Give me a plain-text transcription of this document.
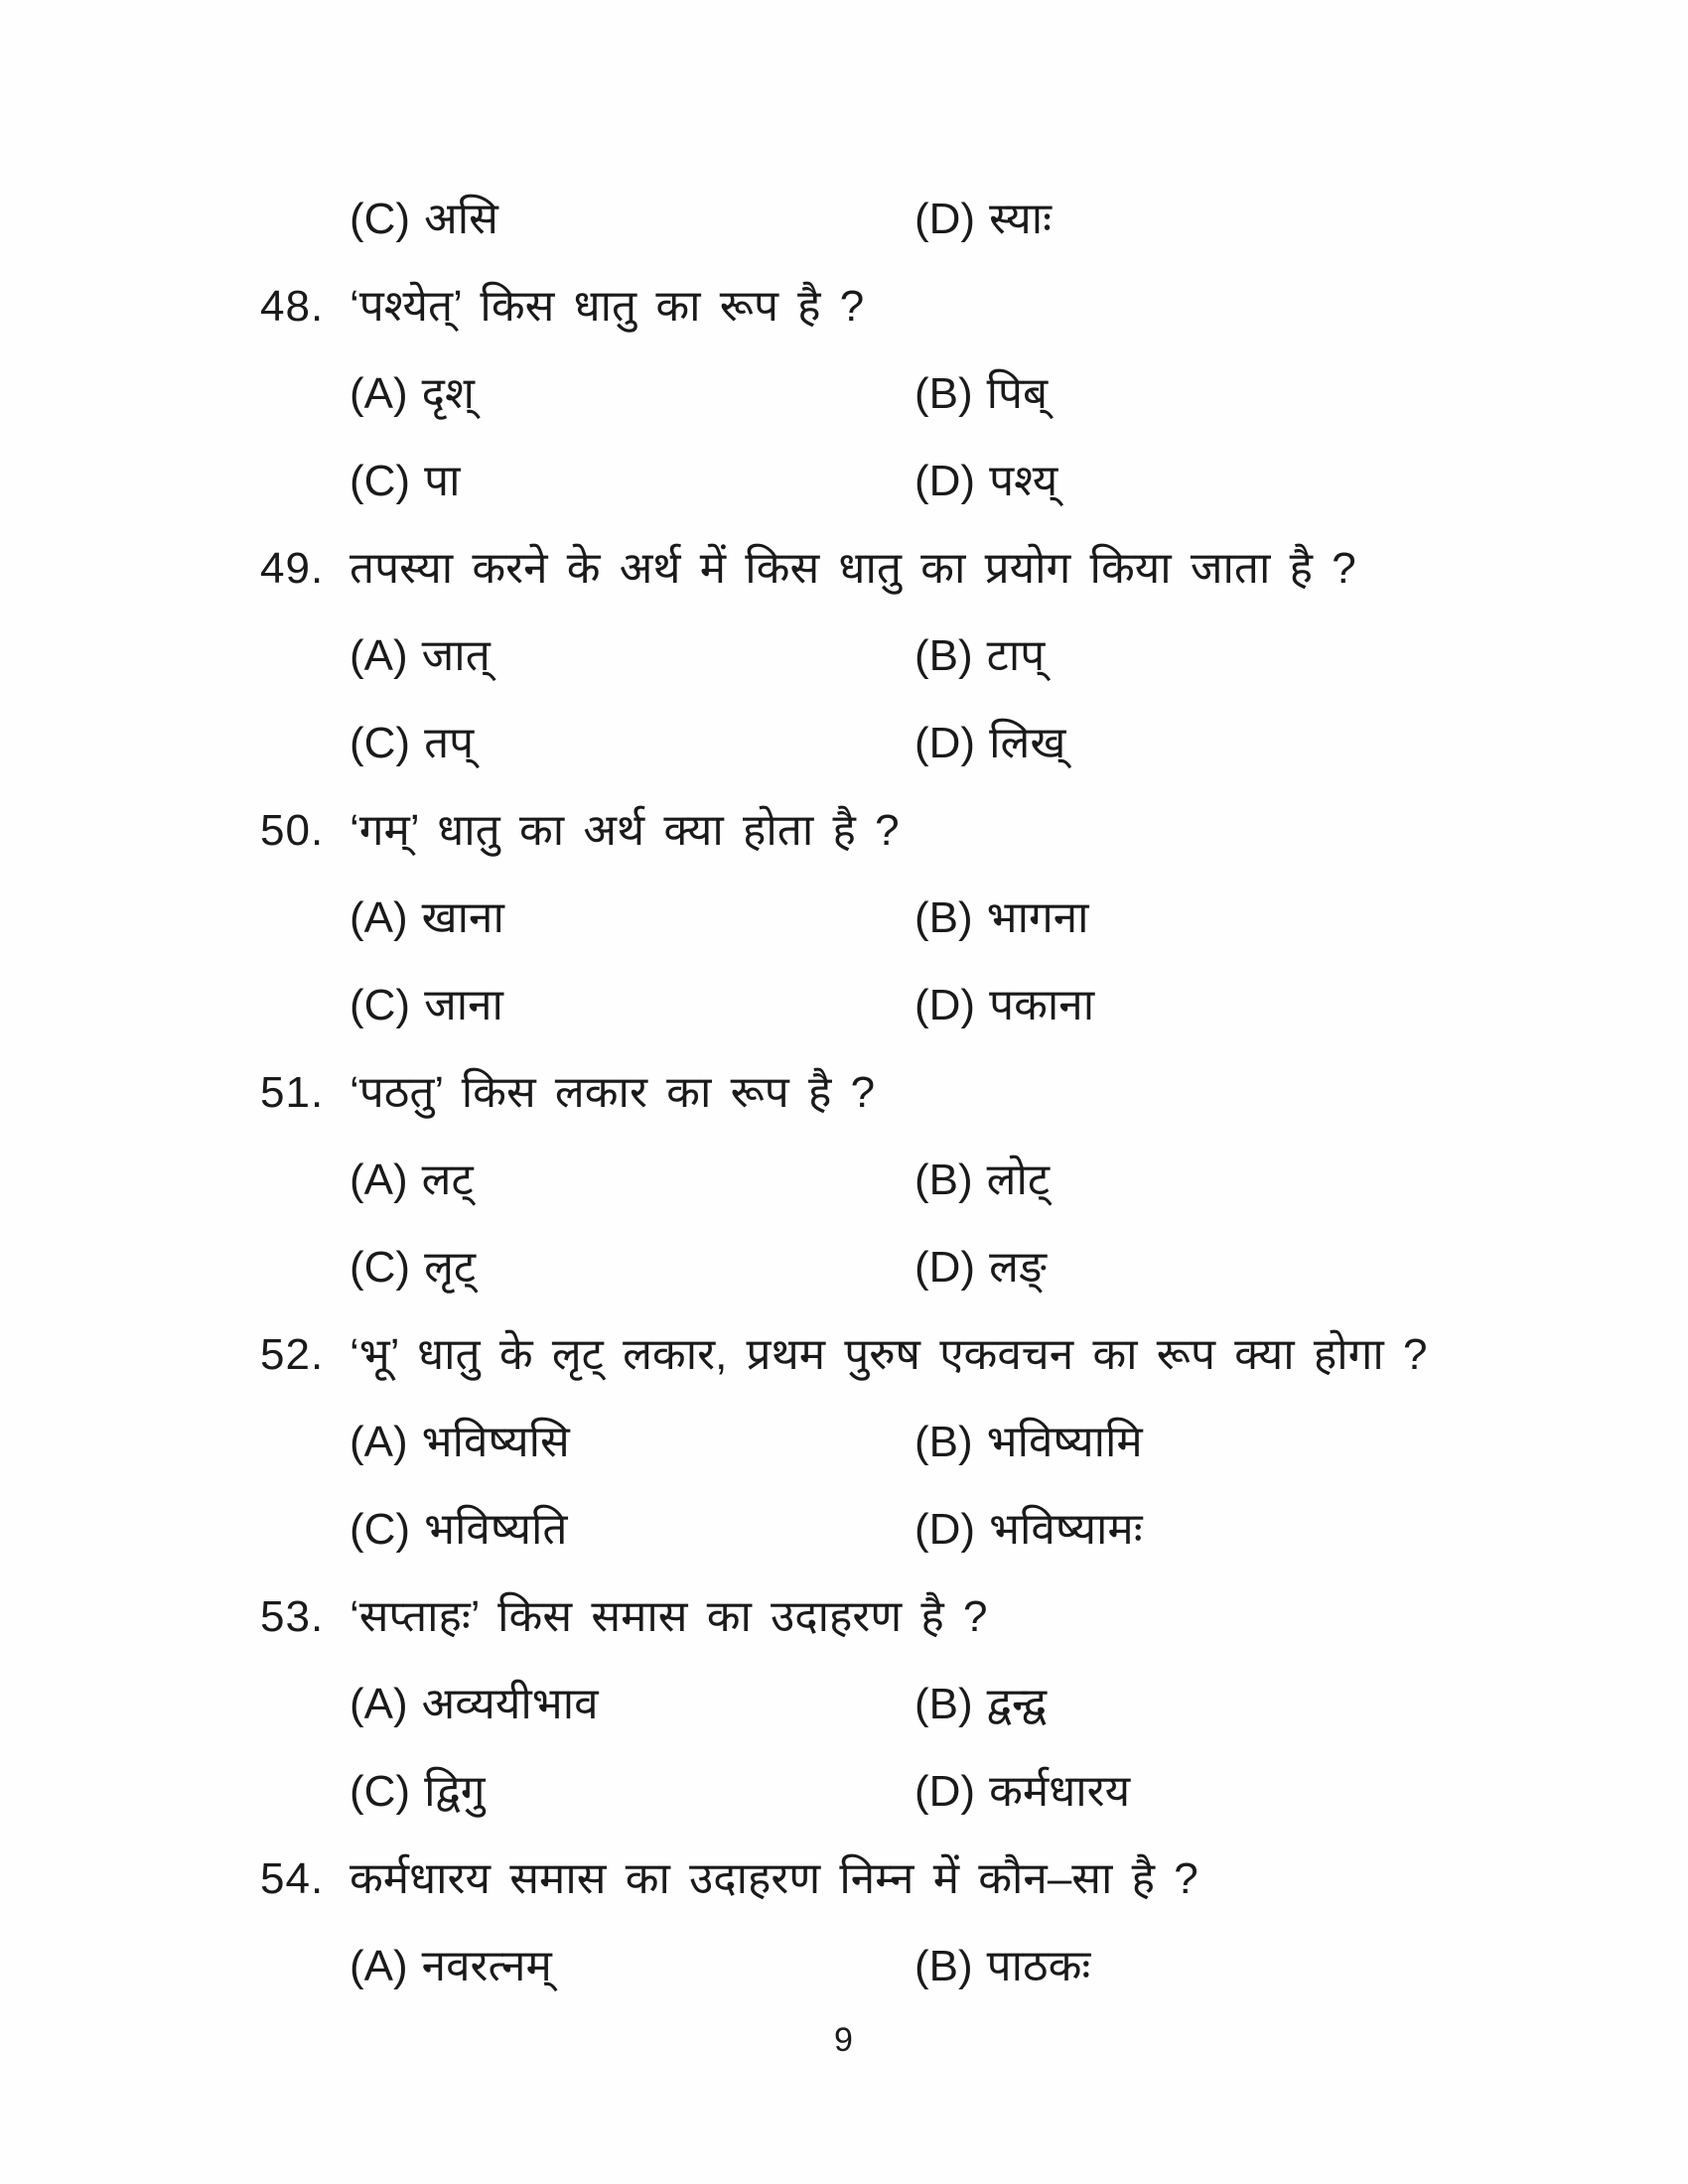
(C) असि	(D) स्याः
48. ‘पश्येत्’ किस धातु का रूप है ?
(A) दृश्	(B) पिब्
(C) पा	(D) पश्य्
49. तपस्या करने के अर्थ में किस धातु का प्रयोग किया जाता है ?
(A) जात्	(B) टाप्
(C) तप्	(D) लिख्
50. ‘गम्’ धातु का अर्थ क्या होता है ?
(A) खाना	(B) भागना
(C) जाना	(D) पकाना
51. ‘पठतु’ किस लकार का रूप है ?
(A) लट्	(B) लोट्
(C) लृट्	(D) लङ्
52. ‘भू’ धातु के लृट् लकार, प्रथम पुरुष एकवचन का रूप क्या होगा ?
(A) भविष्यसि	(B) भविष्यामि
(C) भविष्यति	(D) भविष्यामः
53. ‘सप्ताहः’ किस समास का उदाहरण है ?
(A) अव्ययीभाव	(B) द्वन्द्व
(C) द्विगु	(D) कर्मधारय
54. कर्मधारय समास का उदाहरण निम्न में कौन–सा है ?
(A) नवरत्नम्	(B) पाठकः
9
